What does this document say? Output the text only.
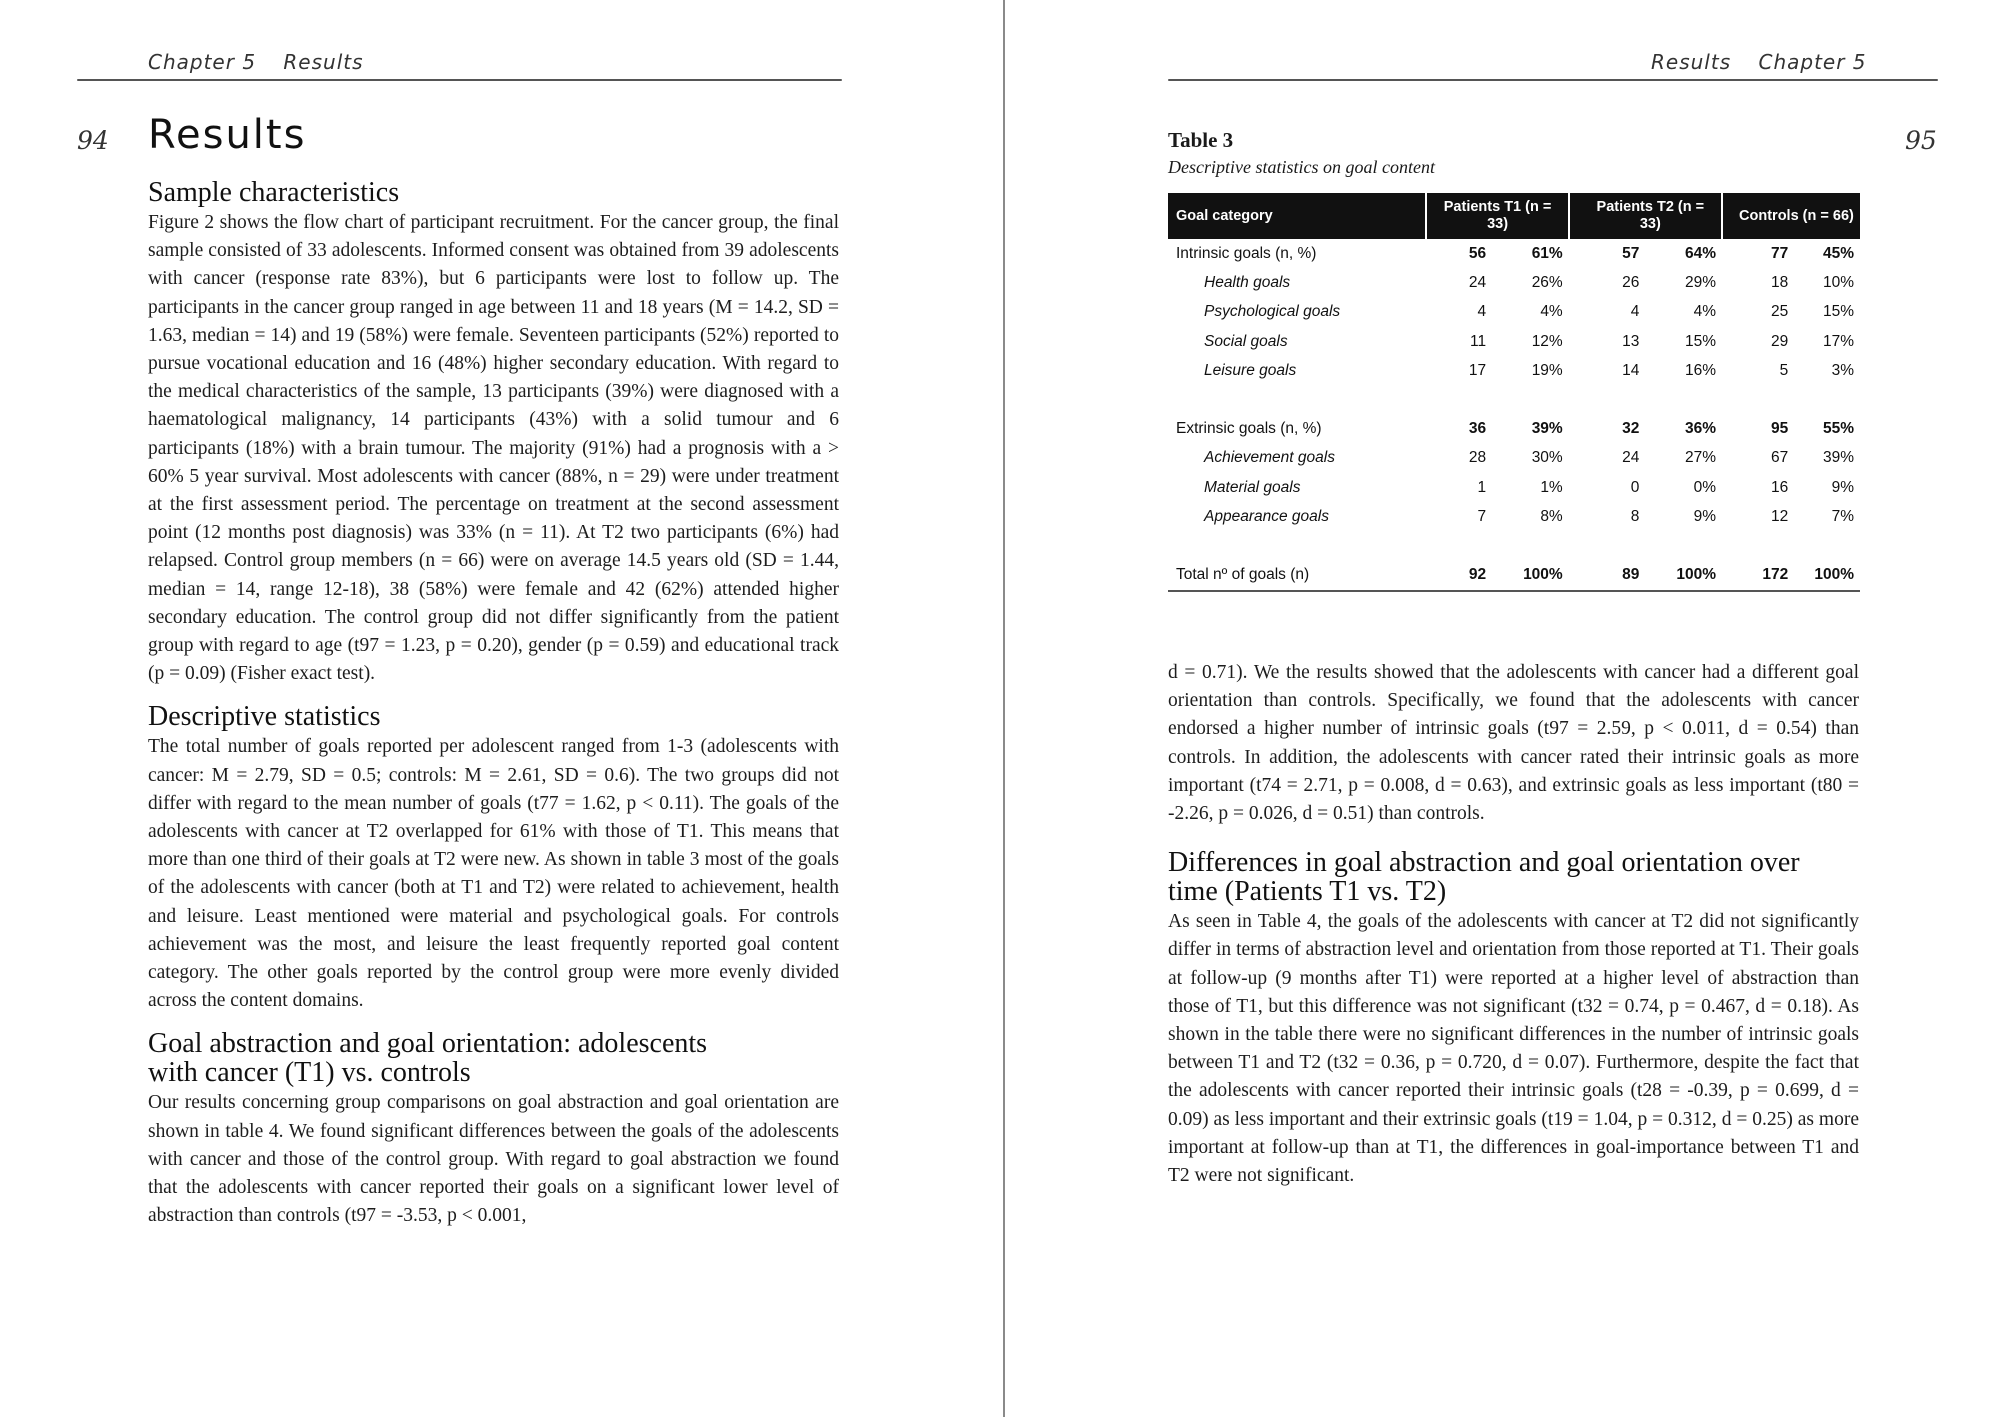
Chapter 5 Results
94 Results
Sample characteristics

Figure 2 shows the flow chart of participant recruitment. For the cancer group, the final sample consisted of 33 adolescents. Informed consent was obtained from 39 adolescents with cancer (response rate 83%), but 6 participants were lost to follow up. The participants in the cancer group ranged in age between 11 and 18 years (M = 14.2, SD = 1.63, median = 14) and 19 (58%) were female. Seventeen participants (52%) reported to pursue vocational education and 16 (48%) higher secondary education. With regard to the medical characteristics of the sample, 13 participants (39%) were diagnosed with a haematological malignancy, 14 participants (43%) with a solid tumour and 6 participants (18%) with a brain tumour. The majority (91%) had a prognosis with a > 60% 5 year survival. Most adolescents with cancer (88%, n = 29) were under treatment at the first assessment period. The percentage on treatment at the second assessment point (12 months post diagnosis) was 33% (n = 11). At T2 two participants (6%) had relapsed. Control group members (n = 66) were on average 14.5 years old (SD = 1.44, median = 14, range 12-18), 38 (58%) were female and 42 (62%) attended higher secondary education. The control group did not differ significantly from the patient group with regard to age (t97 = 1.23, p = 0.20), gender (p = 0.59) and educational track (p = 0.09) (Fisher exact test).

Descriptive statistics

The total number of goals reported per adolescent ranged from 1-3 (adolescents with cancer: M = 2.79, SD = 0.5; controls: M = 2.61, SD = 0.6). The two groups did not differ with regard to the mean number of goals (t77 = 1.62, p < 0.11). The goals of the adolescents with cancer at T2 overlapped for 61% with those of T1. This means that more than one third of their goals at T2 were new. As shown in table 3 most of the goals of the adolescents with cancer (both at T1 and T2) were related to achievement, health and leisure. Least mentioned were material and psychological goals. For controls achievement was the most, and leisure the least frequently reported goal content category. The other goals reported by the control group were more evenly divided across the content domains.

Goal abstraction and goal orientation: adolescents with cancer (T1) vs. controls

Our results concerning group comparisons on goal abstraction and goal orientation are shown in table 4. We found significant differences between the goals of the adolescents with cancer and those of the control group. With regard to goal abstraction we found that the adolescents with cancer reported their goals on a significant lower level of abstraction than controls (t97 = -3.53, p < 0.001,

Results Chapter 5
95
Table 3
Descriptive statistics on goal content
Goal category	Patients T1 (n = 33)			Patients T2 (n = 33)			Controls (n = 66)	
Intrinsic goals (n, %)	56	61%		57	64%		77	45%
Health goals	24	26%		26	29%		18	10%
Psychological goals	4	4%		4	4%		25	15%
Social goals	11	12%		13	15%		29	17%
Leisure goals	17	19%		14	16%		5	3%

Extrinsic goals (n, %)	36	39%		32	36%		95	55%
Achievement goals	28	30%		24	27%		67	39%
Material goals	1	1%		0	0%		16	9%
Appearance goals	7	8%		8	9%		12	7%

Total nº of goals (n)	92	100%		89	100%		172	100%

d = 0.71). We the results showed that the adolescents with cancer had a different goal orientation than controls. Specifically, we found that the adolescents with cancer endorsed a higher number of intrinsic goals (t97 = 2.59, p < 0.011, d = 0.54) than controls. In addition, the adolescents with cancer rated their intrinsic goals as more important (t74 = 2.71, p = 0.008, d = 0.63), and extrinsic goals as less important (t80 = -2.26, p = 0.026, d = 0.51) than controls.

Differences in goal abstraction and goal orientation over time (Patients T1 vs. T2)

As seen in Table 4, the goals of the adolescents with cancer at T2 did not significantly differ in terms of abstraction level and orientation from those reported at T1. Their goals at follow-up (9 months after T1) were reported at a higher level of abstraction than those of T1, but this difference was not significant (t32 = 0.74, p = 0.467, d = 0.18). As shown in the table there were no significant differences in the number of intrinsic goals between T1 and T2 (t32 = 0.36, p = 0.720, d = 0.07). Furthermore, despite the fact that the adolescents with cancer reported their intrinsic goals (t28 = -0.39, p = 0.699, d = 0.09) as less important and their extrinsic goals (t19 = 1.04, p = 0.312, d = 0.25) as more important at follow-up than at T1, the differences in goal-importance between T1 and T2 were not significant.
